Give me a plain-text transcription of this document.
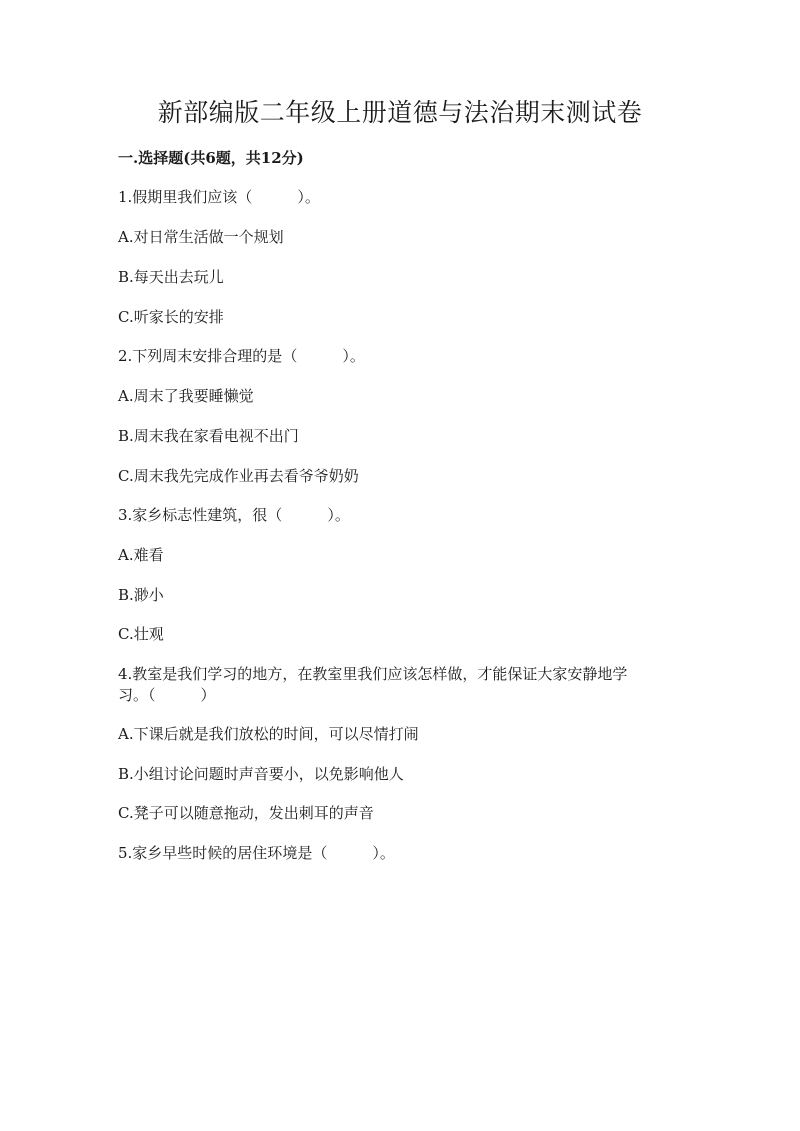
新部编版二年级上册道德与法治期末测试卷
一.选择题(共6题，共12分)
1.假期里我们应该（　　　）。
A.对日常生活做一个规划
B.每天出去玩儿
C.听家长的安排
2.下列周末安排合理的是（　　　）。
A.周末了我要睡懒觉
B.周末我在家看电视不出门
C.周末我先完成作业再去看爷爷奶奶
3.家乡标志性建筑，很（　　　）。
A.难看
B.渺小
C.壮观
4.教室是我们学习的地方，在教室里我们应该怎样做，才能保证大家安静地学
习。（　　　）
A.下课后就是我们放松的时间，可以尽情打闹
B.小组讨论问题时声音要小，以免影响他人
C.凳子可以随意拖动，发出刺耳的声音
5.家乡早些时候的居住环境是（　　　）。
